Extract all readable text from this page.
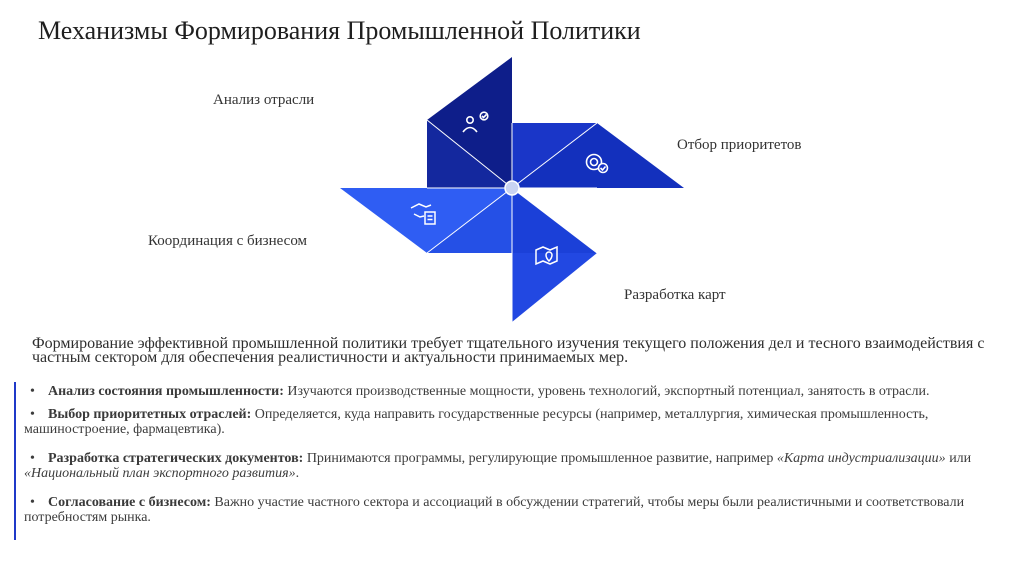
Механизмы Формирования Промышленной Политики
Анализ отрасли
Отбор приоритетов
Координация с бизнесом
Разработка карт
Формирование эффективной промышленной политики требует тщательного изучения текущего положения дел и тесного взаимодействия с частным сектором для обеспечения реалистичности и актуальности принимаемых мер.
• Анализ состояния промышленности: Изучаются производственные мощности, уровень технологий, экспортный потенциал, занятость в отрасли.
• Выбор приоритетных отраслей: Определяется, куда направить государственные ресурсы (например, металлургия, химическая промышленность, машиностроение, фармацевтика).
• Разработка стратегических документов: Принимаются программы, регулирующие промышленное развитие, например «Карта индустриализации» или «Национальный план экспортного развития».
• Согласование с бизнесом: Важно участие частного сектора и ассоциаций в обсуждении стратегий, чтобы меры были реалистичными и соответствовали потребностям рынка.
